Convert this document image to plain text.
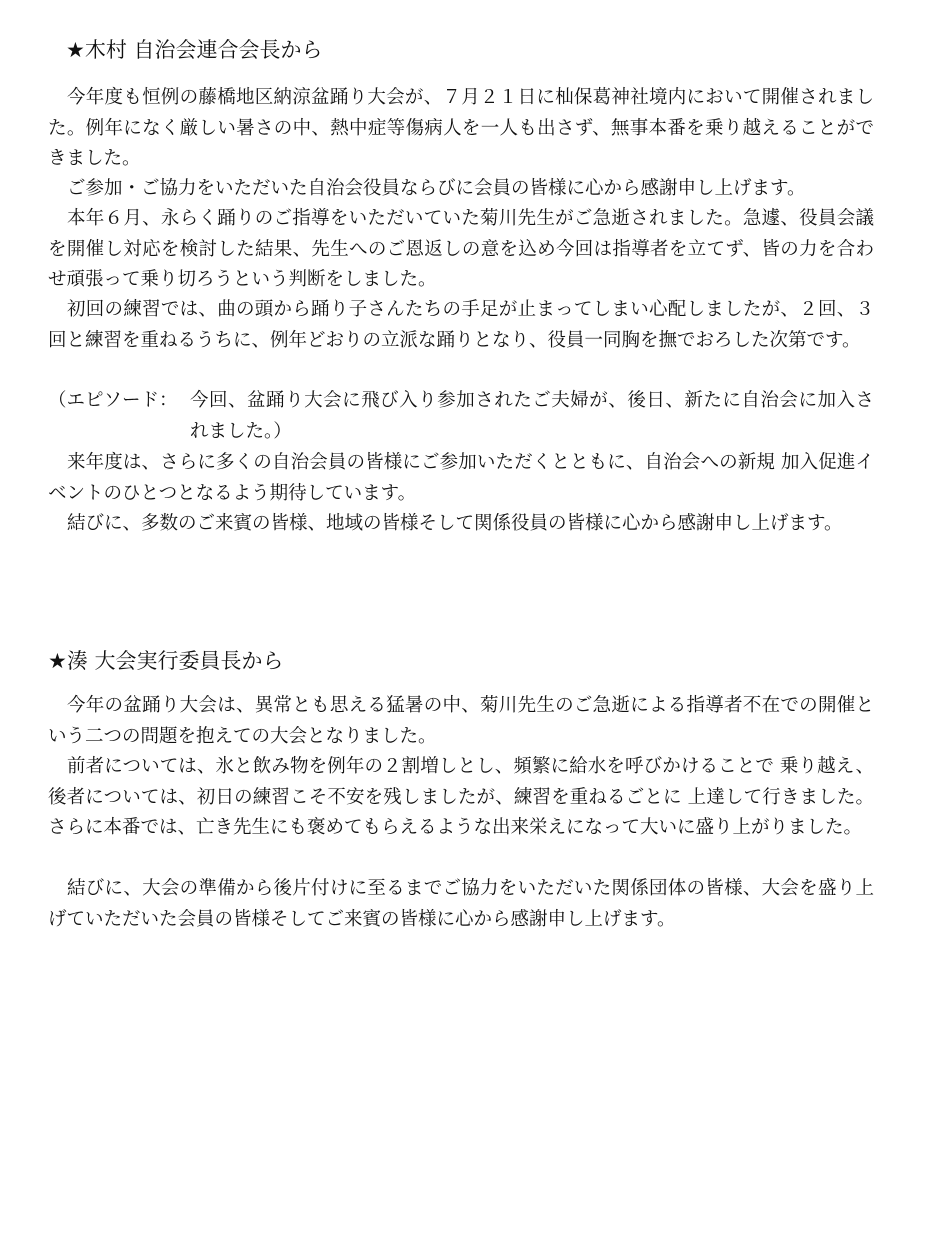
★木村 自治会連合会長から

今年度も恒例の藤橋地区納涼盆踊り大会が、７月２１日に杣保葛神社境内において開催されました。例年になく厳しい暑さの中、熱中症等傷病人を一人も出さず、無事本番を乗り越えることができました。

ご参加・ご協力をいただいた自治会役員ならびに会員の皆様に心から感謝申し上げます。

本年６月、永らく踊りのご指導をいただいていた菊川先生がご急逝されました。急遽、役員会議を開催し対応を検討した結果、先生へのご恩返しの意を込め今回は指導者を立てず、皆の力を合わせ頑張って乗り切ろうという判断をしました。

初回の練習では、曲の頭から踊り子さんたちの手足が止まってしまい心配しましたが、２回、３回と練習を重ねるうちに、例年どおりの立派な踊りとなり、役員一同胸を撫でおろした次第です。

（エピソード： 今回、盆踊り大会に飛び入り参加されたご夫婦が、後日、新たに自治会に加入されました。）

来年度は、さらに多くの自治会員の皆様にご参加いただくとともに、自治会への新規 加入促進イベントのひとつとなるよう期待しています。

結びに、多数のご来賓の皆様、地域の皆様そして関係役員の皆様に心から感謝申し上げます。

★湊 大会実行委員長から

今年の盆踊り大会は、異常とも思える猛暑の中、菊川先生のご急逝による指導者不在での開催という二つの問題を抱えての大会となりました。

前者については、氷と飲み物を例年の２割増しとし、頻繁に給水を呼びかけることで 乗り越え、後者については、初日の練習こそ不安を残しましたが、練習を重ねるごとに 上達して行きました。さらに本番では、亡き先生にも褒めてもらえるような出来栄えになって大いに盛り上がりました。

結びに、大会の準備から後片付けに至るまでご協力をいただいた関係団体の皆様、大会を盛り上げていただいた会員の皆様そしてご来賓の皆様に心から感謝申し上げます。
